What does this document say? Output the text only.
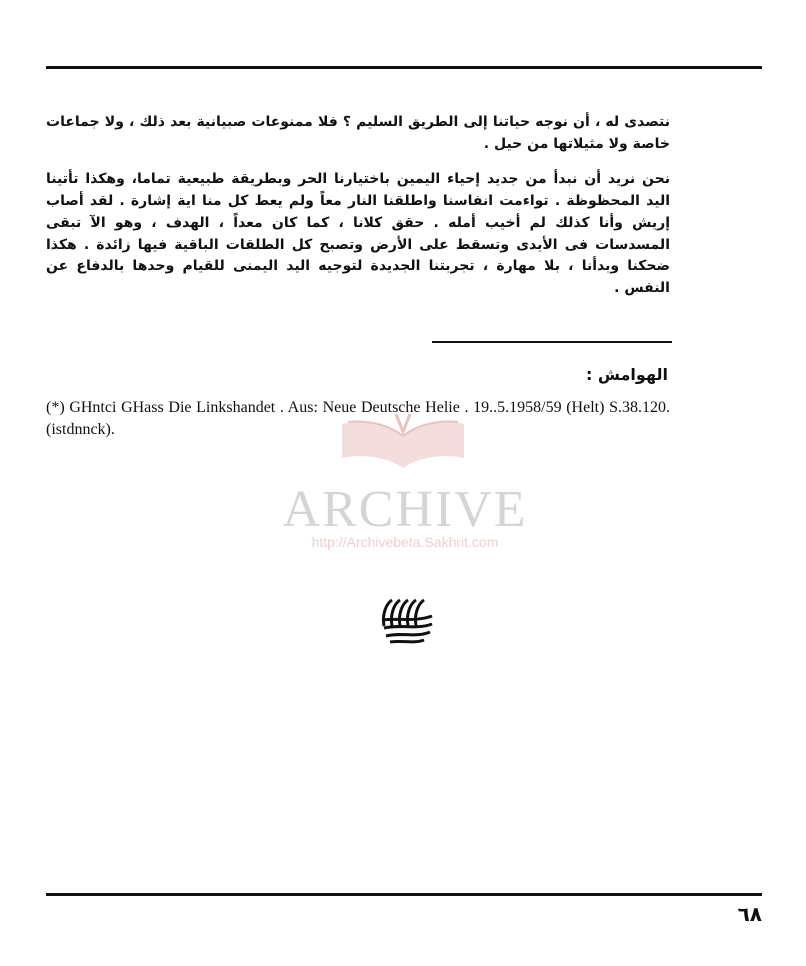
نتصدى له ، أن نوجه حياتنا إلى الطريق السليم ؟ فلا ممنوعات صبيانية بعد ذلك ، ولا جماعات خاصة ولا مثيلاتها من حيل .

نحن نريد أن نبدأ من جديد إحياء اليمين باختيارنا الحر وبطريقة طبيعية تماما، وهكذا تأتينا اليد المحظوظة . تواءمت انفاسنا واطلقنا النار معاً ولم يعط كل منا اية إشارة . لقد أصاب إريش وأنا كذلك لم أخيب أمله . حقق كلانا ، كما كان معداً ، الهدف ، وهو الآ تبقى المسدسات فى الأيدى وتسقط على الأرض وتصبح كل الطلقات الباقية فيها زائدة . هكذا ضحكنا وبدأنا ، بلا مهارة ، تجربتنا الجديدة لتوجيه اليد اليمنى للقيام وحدها بالدفاع عن النفس .

الهوامش :
(*) GHntci GHass Die Linkshandet . Aus: Neue Deutsche Helie . 19..5.1958/59 (Helt) S.38.120.(istdnnck).
ARCHIVE
http://Archivebeta.Sakhrit.com
٦٨
